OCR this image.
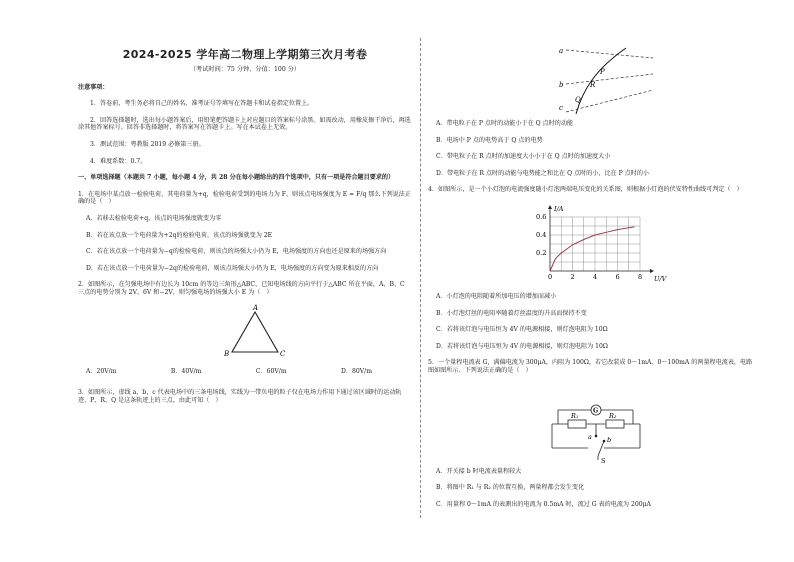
2024-2025 学年高二物理上学期第三次月考卷
（考试时间：75 分钟，分值：100 分）
注意事项：
1．答卷前，考生务必将自己的姓名、准考证号等填写在答题卡和试卷指定位置上。
2．回答选择题时，选出每小题答案后，用铅笔把答题卡上对应题目的答案标号涂黑。如需改动，用橡皮擦干净后，再选涂其他答案标号。回答非选择题时，将答案写在答题卡上。写在本试卷上无效。
3．测试范围：粤教版 2019 必修第三册。
4．难度系数：0.7。
一、单项选择题（本题共 7 小题，每小题 4 分，共 28 分在每小题给出的四个选项中，只有一项是符合题目要求的）
1．在电场中某点放一检验电荷，其电荷量为+q，检验电荷受到的电场力为 F，则该点电场强度为 E = F/q 那么下列说法正确的是（　）
A．若移去检验电荷+q，该点的电场强度就变为零
B．若在该点放一个电荷量为+2q的检验电荷，该点的场强就变为 2E
C．若在该点放一个电荷量为−q的检验电荷，则该点的场强大小仍为 E，电场强度的方向也还是原来的场强方向
D．若在该点放一个电荷量为−2q的检验电荷，则该点场强大小仍为 E，电场强度的方向变为原来相反的方向
2．如图所示，在匀强电场中有边长为 10cm 的等边三角形△ABC，已知电场线的方向平行于△ABC 所在平面，A、B、C 三点的电势分别为 2V、6V 和−2V，则匀强电场的场强大小 E 为（　）
A
B	C
A．20V/m	B．40V/m	C．60V/m	D．80V/m
3．如图所示，虚线 a、b、c 代表电场中的三条电场线，实线为一带负电的粒子仅在电场力作用下通过该区域时的运动轨迹，P、R、Q 是这条轨迹上的三点，由此可知（　）
a
b
c
P
R
Q
A．带电粒子在 P 点时的动能小于在 Q 点时的动能
B．电场中 P 点的电势高于 Q 点的电势
C．带电粒子在 R 点时的加速度大小小于在 Q 点时的加速度大小
D．带电粒子在 R 点时的动能与电势能之和比在 Q 点时的小，比在 P 点时的小
4．如图所示，是一个小灯泡的电流强度随小灯泡两端电压变化的关系图，则根据小灯泡的伏安特性曲线可判定（　）
I/A
U/V
0	2	4	6	8
0.2
0.4
0.6
A．小灯泡的电阻随着所加电压的增加而减小
B．小灯泡灯丝的电阻率随着灯丝温度的升高而保持不变
C．若将该灯泡与电压恒为 4V 的电源相接，则灯泡电阻为 10Ω
D．若将该灯泡与电压恒为 4V 的电源相接，则灯泡电阻为 10Ω
5．一个量程电流表 G，满偏电流为 300μA，内阻为 100Ω，若它改装成 0～1mA、0～100mA 的两量程电流表，电路图如图所示．下列说法正确的是（　）
G
R₁	R₂
a b
S
A．开关接 b 时电流表量程较大
B．将图中 R₁ 与 R₂ 的位置互换，两量程都会发生变化
C．用量程 0～1mA 的表测出的电流为 0.5mA 时，流过 G 表的电流为 200μA
